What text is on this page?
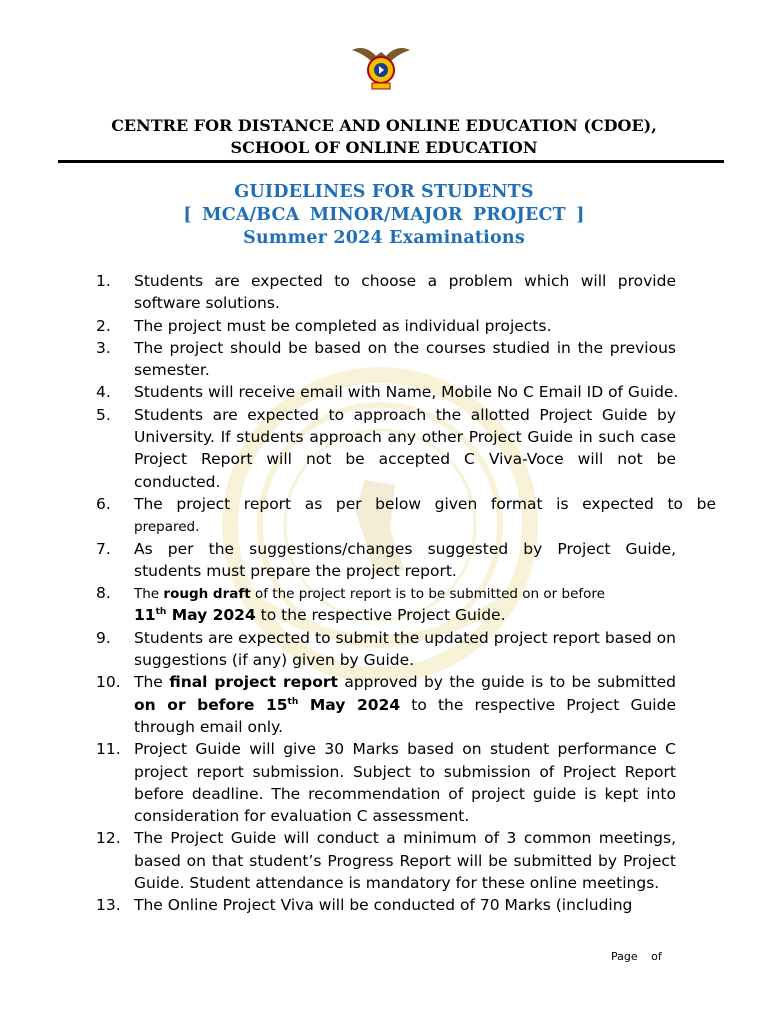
CENTRE FOR DISTANCE AND ONLINE EDUCATION (CDOE),
SCHOOL OF ONLINE EDUCATION
GUIDELINES FOR STUDENTS
[ MCA/BCA MINOR/MAJOR PROJECT ]
Summer 2024 Examinations
1. Students are expected to choose a problem which will provide software solutions.
2. The project must be completed as individual projects.
3. The project should be based on the courses studied in the previous semester.
4. Students will receive email with Name, Mobile No C Email ID of Guide.
5. Students are expected to approach the allotted Project Guide by University. If students approach any other Project Guide in such case Project Report will not be accepted C Viva-Voce will not be conducted.
6. The project report as per below given format is expected to be
prepared.
7. As per the suggestions/changes suggested by Project Guide, students must prepare the project report.
8. The rough draft of the project report is to be submitted on or before
11th May 2024 to the respective Project Guide.
9. Students are expected to submit the updated project report based on suggestions (if any) given by Guide.
10. The final project report approved by the guide is to be submitted on or before 15th May 2024 to the respective Project Guide through email only.
11. Project Guide will give 30 Marks based on student performance C project report submission. Subject to submission of Project Report before deadline. The recommendation of project guide is kept into consideration for evaluation C assessment.
12. The Project Guide will conduct a minimum of 3 common meetings, based on that student’s Progress Report will be submitted by Project Guide. Student attendance is mandatory for these online meetings.
13. The Online Project Viva will be conducted of 70 Marks (including
Page of
